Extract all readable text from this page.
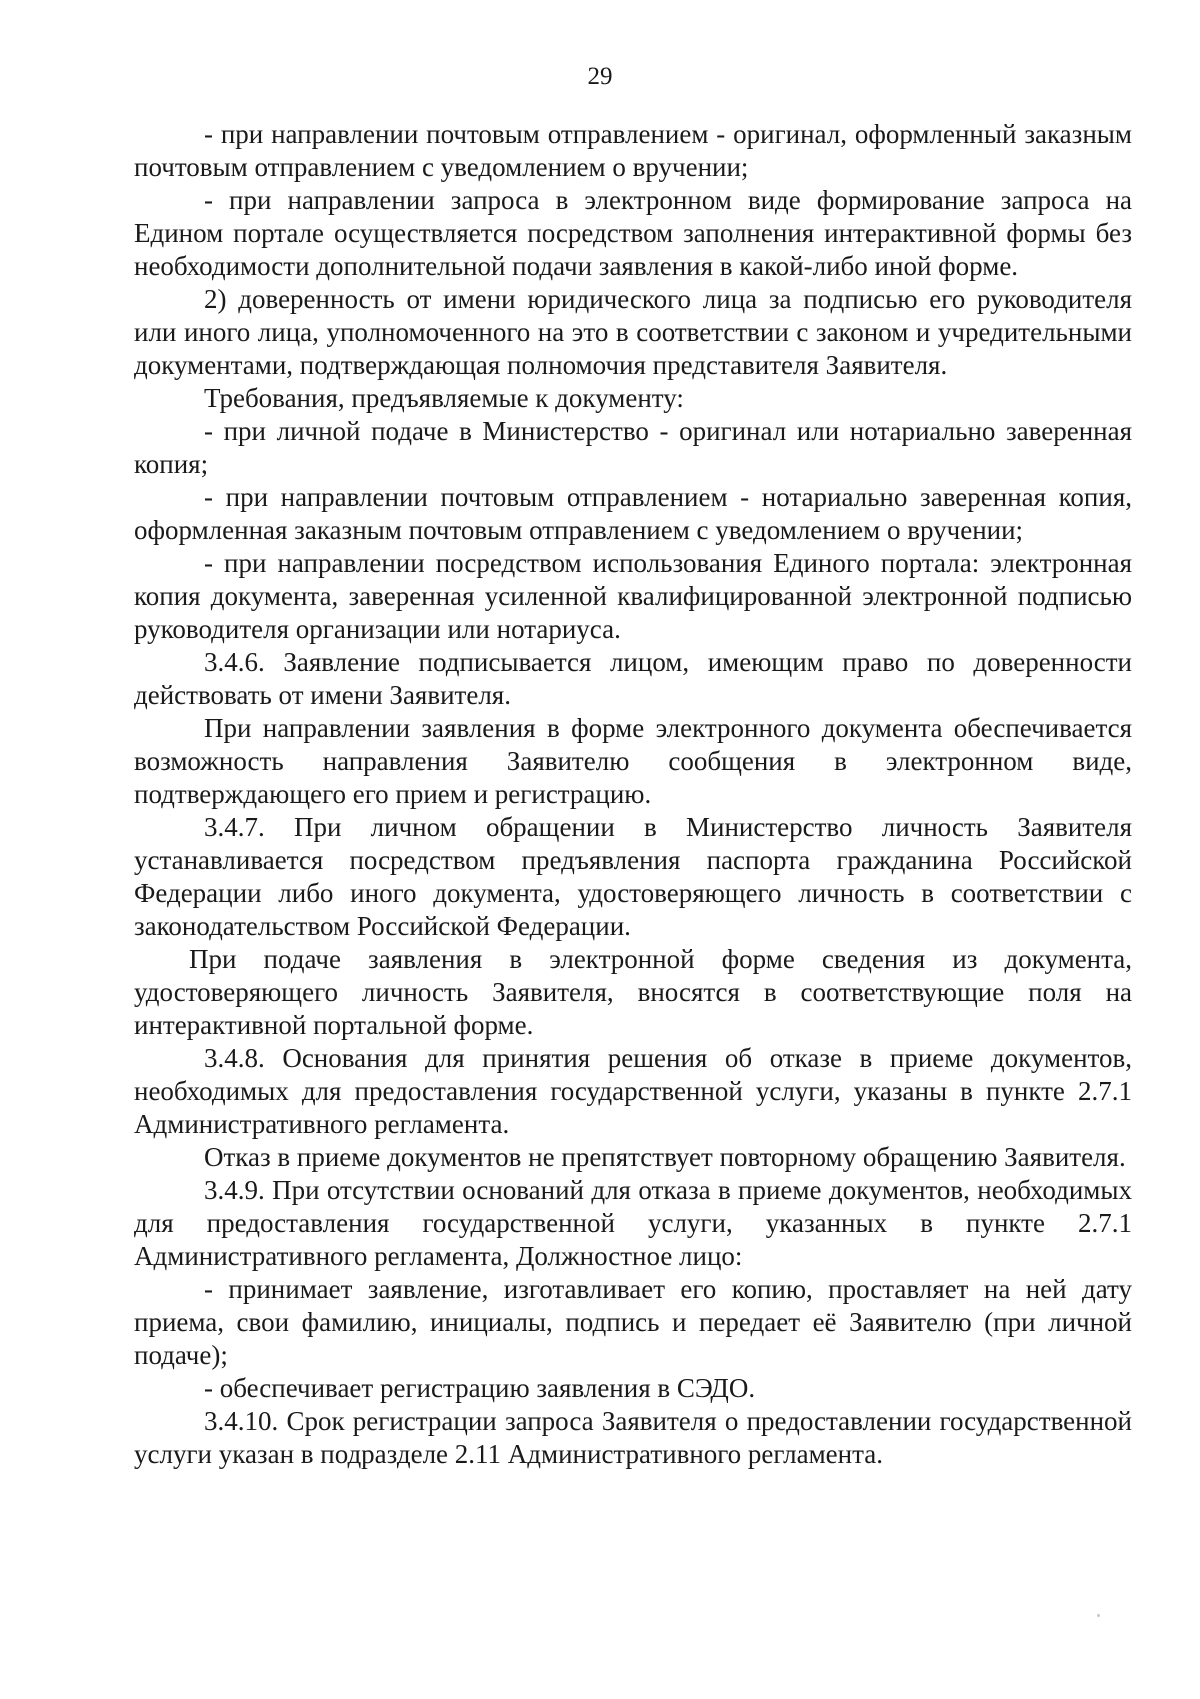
29

- при направлении почтовым отправлением - оригинал, оформленный заказным почтовым отправлением с уведомлением о вручении;

- при направлении запроса в электронном виде формирование запроса на Едином портале осуществляется посредством заполнения интерактивной формы без необходимости дополнительной подачи заявления в какой-либо иной форме.

2) доверенность от имени юридического лица за подписью его руководителя или иного лица, уполномоченного на это в соответствии с законом и учредительными документами, подтверждающая полномочия представителя Заявителя.

Требования, предъявляемые к документу:

- при личной подаче в Министерство - оригинал или нотариально заверенная копия;

- при направлении почтовым отправлением - нотариально заверенная копия, оформленная заказным почтовым отправлением с уведомлением о вручении;

- при направлении посредством использования Единого портала: электронная копия документа, заверенная усиленной квалифицированной электронной подписью руководителя организации или нотариуса.

3.4.6. Заявление подписывается лицом, имеющим право по доверенности действовать от имени Заявителя.

При направлении заявления в форме электронного документа обеспечивается возможность направления Заявителю сообщения в электронном виде, подтверждающего его прием и регистрацию.

3.4.7. При личном обращении в Министерство личность Заявителя устанавливается посредством предъявления паспорта гражданина Российской Федерации либо иного документа, удостоверяющего личность в соответствии с законодательством Российской Федерации.

При подаче заявления в электронной форме сведения из документа, удостоверяющего личность Заявителя, вносятся в соответствующие поля на интерактивной портальной форме.

3.4.8. Основания для принятия решения об отказе в приеме документов, необходимых для предоставления государственной услуги, указаны в пункте 2.7.1 Административного регламента.

Отказ в приеме документов не препятствует повторному обращению Заявителя.

3.4.9. При отсутствии оснований для отказа в приеме документов, необходимых для предоставления государственной услуги, указанных в пункте 2.7.1 Административного регламента, Должностное лицо:

- принимает заявление, изготавливает его копию, проставляет на ней дату приема, свои фамилию, инициалы, подпись и передает её Заявителю (при личной подаче);

- обеспечивает регистрацию заявления в СЭДО.

3.4.10. Срок регистрации запроса Заявителя о предоставлении государственной услуги указан в подразделе 2.11 Административного регламента.
